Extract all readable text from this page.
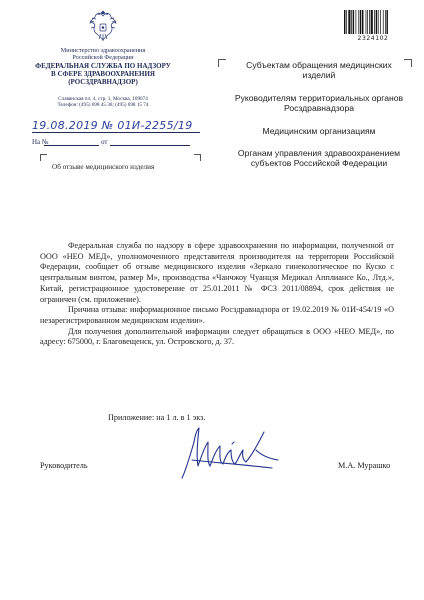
Министерство здравоохранения
Российской Федерации
ФЕДЕРАЛЬНАЯ СЛУЖБА ПО НАДЗОРУ
В СФЕРЕ ЗДРАВООХРАНЕНИЯ
(РОСЗДРАВНАДЗОР)
Славянская пл. 4, стр. 1, Москва, 109074
Телефон: (495) 698 45 38; (495) 698 15 74
2324102
19.08.2019 № 01И-2255/19
На №	от
Об отзыве медицинского изделия
Субъектам обращения медицинских изделий
Руководителям территориальных органов Росздравнадзора
Медицинским организациям
Органам управления здравоохранением субъектов Российской Федерации

Федеральная служба по надзору в сфере здравоохранения по информации, полученной от ООО «НЕО МЕД», уполномоченного представителя производителя на территории Российской Федерации, сообщает об отзыве медицинского изделия «Зеркало гинекологическое по Куско с центральным винтом, размер M», производства «Чанчжоу Чуанцзя Медикал Апплиансе Ко., Лтд.», Китай, регистрационное удостоверение от 25.01.2011 № ФСЗ 2011/08894, срок действия не ограничен (см. приложение).

Причина отзыва: информационное письмо Росздравнадзора от 19.02.2019 № 01И-454/19 «О незарегистрированном медицинском изделии».

Для получения дополнительной информации следует обращаться в ООО «НЕО МЕД», по адресу: 675000, г. Благовещенск, ул. Островского, д. 37.

Приложение: на 1 л. в 1 экз.
Руководитель	М.А. Мурашко
